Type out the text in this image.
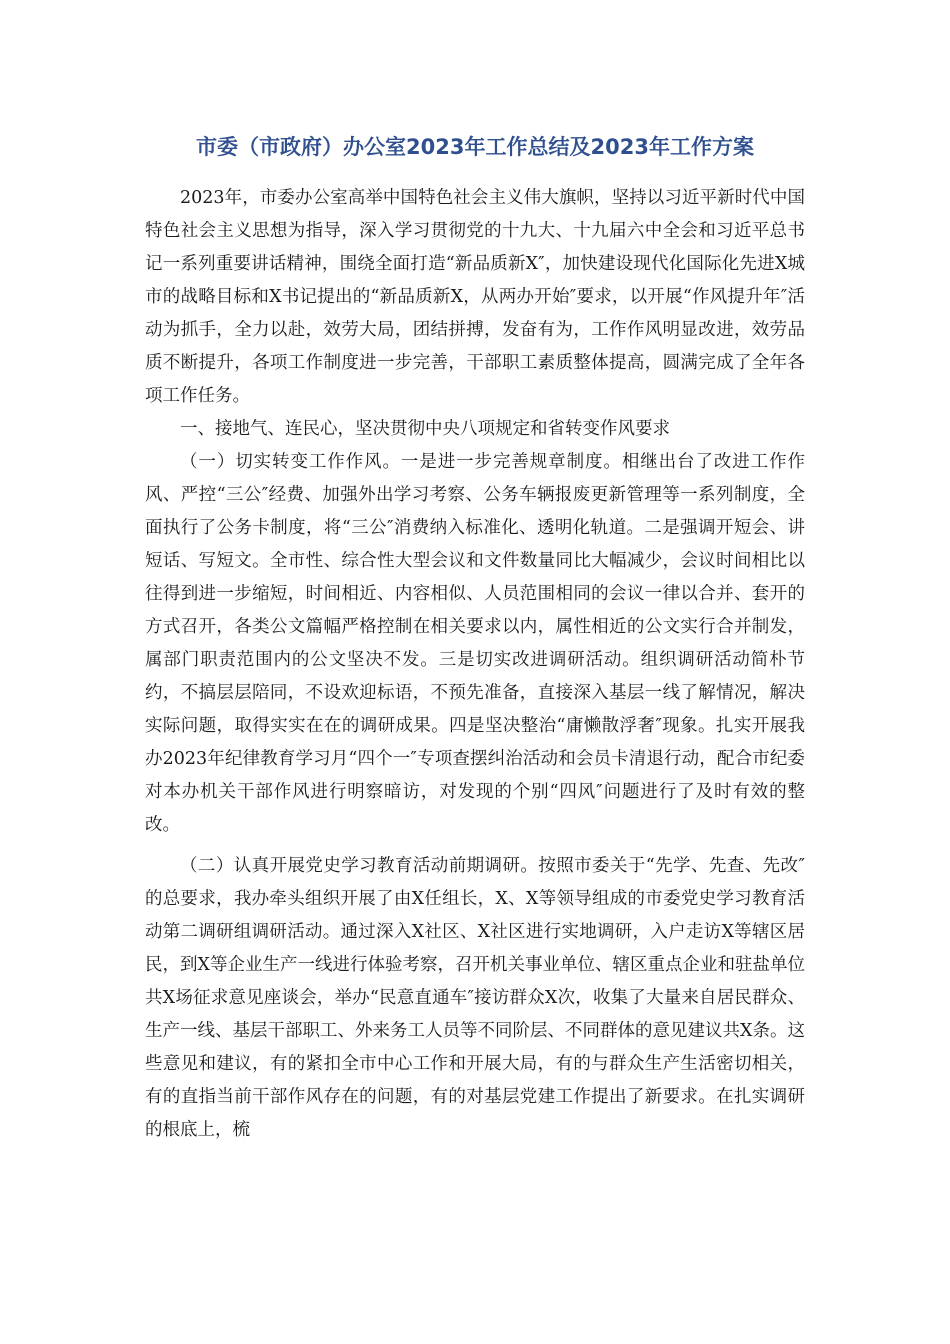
市委（市政府）办公室2023年工作总结及2023年工作方案

2023年，市委办公室高举中国特色社会主义伟大旗帜，坚持以习近平新时代中国特色社会主义思想为指导，深入学习贯彻党的十九大、十九届六中全会和习近平总书记一系列重要讲话精神，围绕全面打造“新品质新X″，加快建设现代化国际化先进X城市的战略目标和X书记提出的“新品质新X，从两办开始″要求，以开展“作风提升年″活动为抓手，全力以赴，效劳大局，团结拼搏，发奋有为，工作作风明显改进，效劳品质不断提升，各项工作制度进一步完善，干部职工素质整体提高，圆满完成了全年各项工作任务。

一、接地气、连民心，坚决贯彻中央八项规定和省转变作风要求

（一）切实转变工作作风。一是进一步完善规章制度。相继出台了改进工作作风、严控“三公″经费、加强外出学习考察、公务车辆报废更新管理等一系列制度，全面执行了公务卡制度，将“三公″消费纳入标准化、透明化轨道。二是强调开短会、讲短话、写短文。全市性、综合性大型会议和文件数量同比大幅减少，会议时间相比以往得到进一步缩短，时间相近、内容相似、人员范围相同的会议一律以合并、套开的方式召开，各类公文篇幅严格控制在相关要求以内，属性相近的公文实行合并制发，属部门职责范围内的公文坚决不发。三是切实改进调研活动。组织调研活动简朴节约，不搞层层陪同，不设欢迎标语，不预先准备，直接深入基层一线了解情况，解决实际问题，取得实实在在的调研成果。四是坚决整治“庸懒散浮奢″现象。扎实开展我办2023年纪律教育学习月“四个一″专项查摆纠治活动和会员卡清退行动，配合市纪委对本办机关干部作风进行明察暗访，对发现的个别“四风″问题进行了及时有效的整改。

（二）认真开展党史学习教育活动前期调研。按照市委关于“先学、先查、先改″的总要求，我办牵头组织开展了由X任组长，X、X等领导组成的市委党史学习教育活动第二调研组调研活动。通过深入X社区、X社区进行实地调研，入户走访X等辖区居民，到X等企业生产一线进行体验考察，召开机关事业单位、辖区重点企业和驻盐单位共X场征求意见座谈会，举办“民意直通车″接访群众X次，收集了大量来自居民群众、生产一线、基层干部职工、外来务工人员等不同阶层、不同群体的意见建议共X条。这些意见和建议，有的紧扣全市中心工作和开展大局，有的与群众生产生活密切相关，有的直指当前干部作风存在的问题，有的对基层党建工作提出了新要求。在扎实调研的根底上，梳
